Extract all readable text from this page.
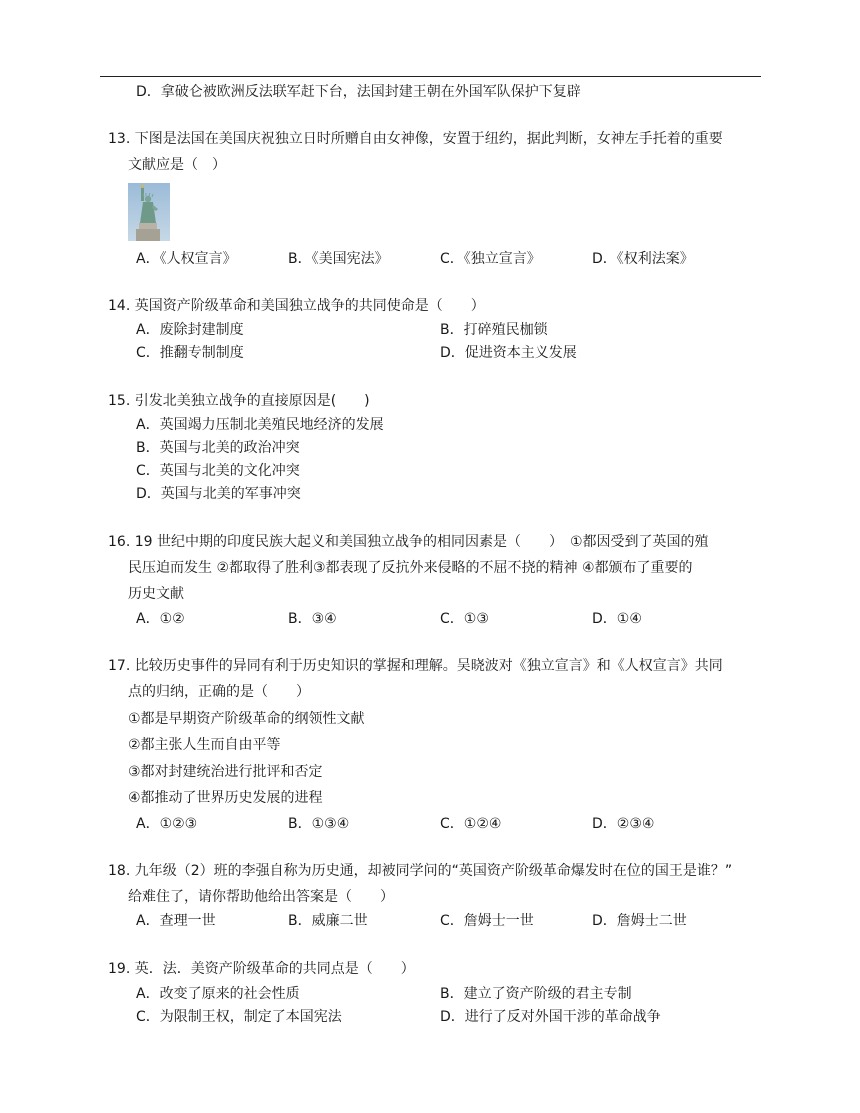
D．拿破仑被欧洲反法联军赶下台，法国封建王朝在外国军队保护下复辟
13. 下图是法国在美国庆祝独立日时所赠自由女神像，安置于纽约，据此判断，女神左手托着的重要
文献应是（　）
A．《人权宣言》	B．《美国宪法》	C．《独立宣言》	D．《权利法案》
14. 英国资产阶级革命和美国独立战争的共同使命是（　　）
A．废除封建制度	B．打碎殖民枷锁
C．推翻专制制度	D．促进资本主义发展
15. 引发北美独立战争的直接原因是(　　)
A．英国竭力压制北美殖民地经济的发展
B．英国与北美的政治冲突
C．英国与北美的文化冲突
D．英国与北美的军事冲突
16. 19 世纪中期的印度民族大起义和美国独立战争的相同因素是（　　）　①都因受到了英国的殖
民压迫而发生 ②都取得了胜利③都表现了反抗外来侵略的不屈不挠的精神 ④都颁布了重要的
历史文献
A．①②	B．③④	C．①③	D．①④
17. 比较历史事件的异同有利于历史知识的掌握和理解。吴晓波对《独立宣言》和《人权宣言》共同
点的归纳，正确的是（　　）
①都是早期资产阶级革命的纲领性文献
②都主张人生而自由平等
③都对封建统治进行批评和否定
④都推动了世界历史发展的进程
A．①②③	B．①③④	C．①②④	D．②③④
18. 九年级（2）班的李强自称为历史通，却被同学问的“英国资产阶级革命爆发时在位的国王是谁？”
给难住了，请你帮助他给出答案是（　　）
A．查理一世	B．威廉二世	C．詹姆士一世	D．詹姆士二世
19. 英．法．美资产阶级革命的共同点是（　　）
A．改变了原来的社会性质	B．建立了资产阶级的君主专制
C．为限制王权，制定了本国宪法	D．进行了反对外国干涉的革命战争
